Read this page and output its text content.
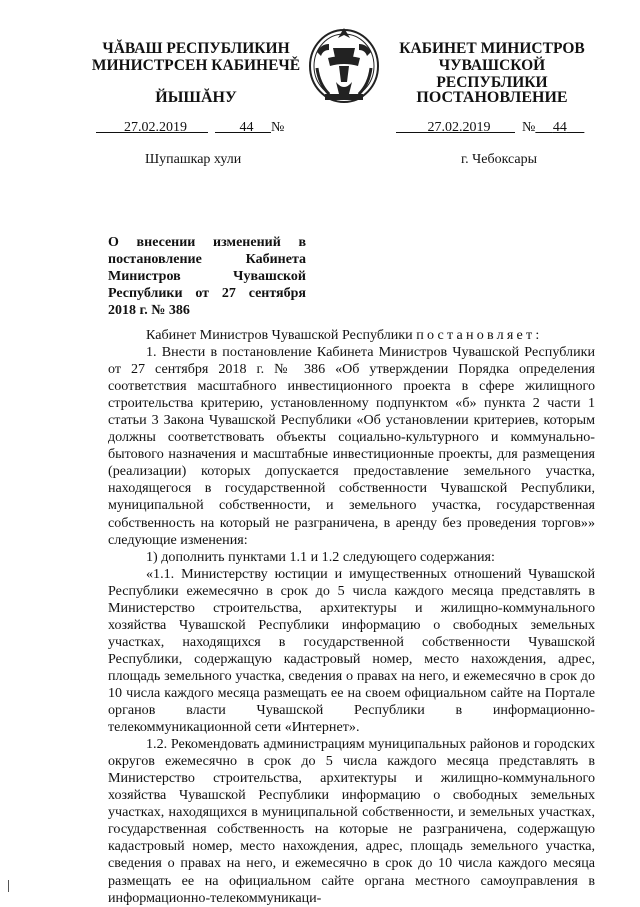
ЧĂВАШ РЕСПУБЛИКИН
МИНИСТРСЕН КАБИНЕЧĚ
ЙЫШĂНУ
КАБИНЕТ МИНИСТРОВ
ЧУВАШСКОЙ РЕСПУБЛИКИ
ПОСТАНОВЛЕНИЕ
27.02.2019	44 №	27.02.2019 № 44
Шупашкар хули	г. Чебоксары
О внесении изменений в постановление Кабинета Министров Чувашской Республики от 27 сентября 2018 г. № 386

Кабинет Министров Чувашской Республики постановляет:

1. Внести в постановление Кабинета Министров Чувашской Республики от 27 сентября 2018 г. № 386 «Об утверждении Порядка определения соответствия масштабного инвестиционного проекта в сфере жилищного строительства критерию, установленному подпунктом «б» пункта 2 части 1 статьи 3 Закона Чувашской Республики «Об установлении критериев, которым должны соответствовать объекты социально-культурного и коммунально-бытового назначения и масштабные инвестиционные проекты, для размещения (реализации) которых допускается предоставление земельного участка, находящегося в государственной собственности Чувашской Республики, муниципальной собственности, и земельного участка, государственная собственность на который не разграничена, в аренду без проведения торгов»» следующие изменения:

1) дополнить пунктами 1.1 и 1.2 следующего содержания:

«1.1. Министерству юстиции и имущественных отношений Чувашской Республики ежемесячно в срок до 5 числа каждого месяца представлять в Министерство строительства, архитектуры и жилищно-коммунального хозяйства Чувашской Республики информацию о свободных земельных участках, находящихся в государственной собственности Чувашской Республики, содержащую кадастровый номер, место нахождения, адрес, площадь земельного участка, сведения о правах на него, и ежемесячно в срок до 10 числа каждого месяца размещать ее на своем официальном сайте на Портале органов власти Чувашской Республики в информационно-телекоммуникационной сети «Интернет».

1.2. Рекомендовать администрациям муниципальных районов и городских округов ежемесячно в срок до 5 числа каждого месяца представлять в Министерство строительства, архитектуры и жилищно-коммунального хозяйства Чувашской Республики информацию о свободных земельных участках, находящихся в муниципальной собственности, и земельных участках, государственная собственность на которые не разграничена, содержащую кадастровый номер, место нахождения, адрес, площадь земельного участка, сведения о правах на него, и ежемесячно в срок до 10 числа каждого месяца размещать ее на официальном сайте органа местного самоуправления в информационно-телекоммуникаци-
